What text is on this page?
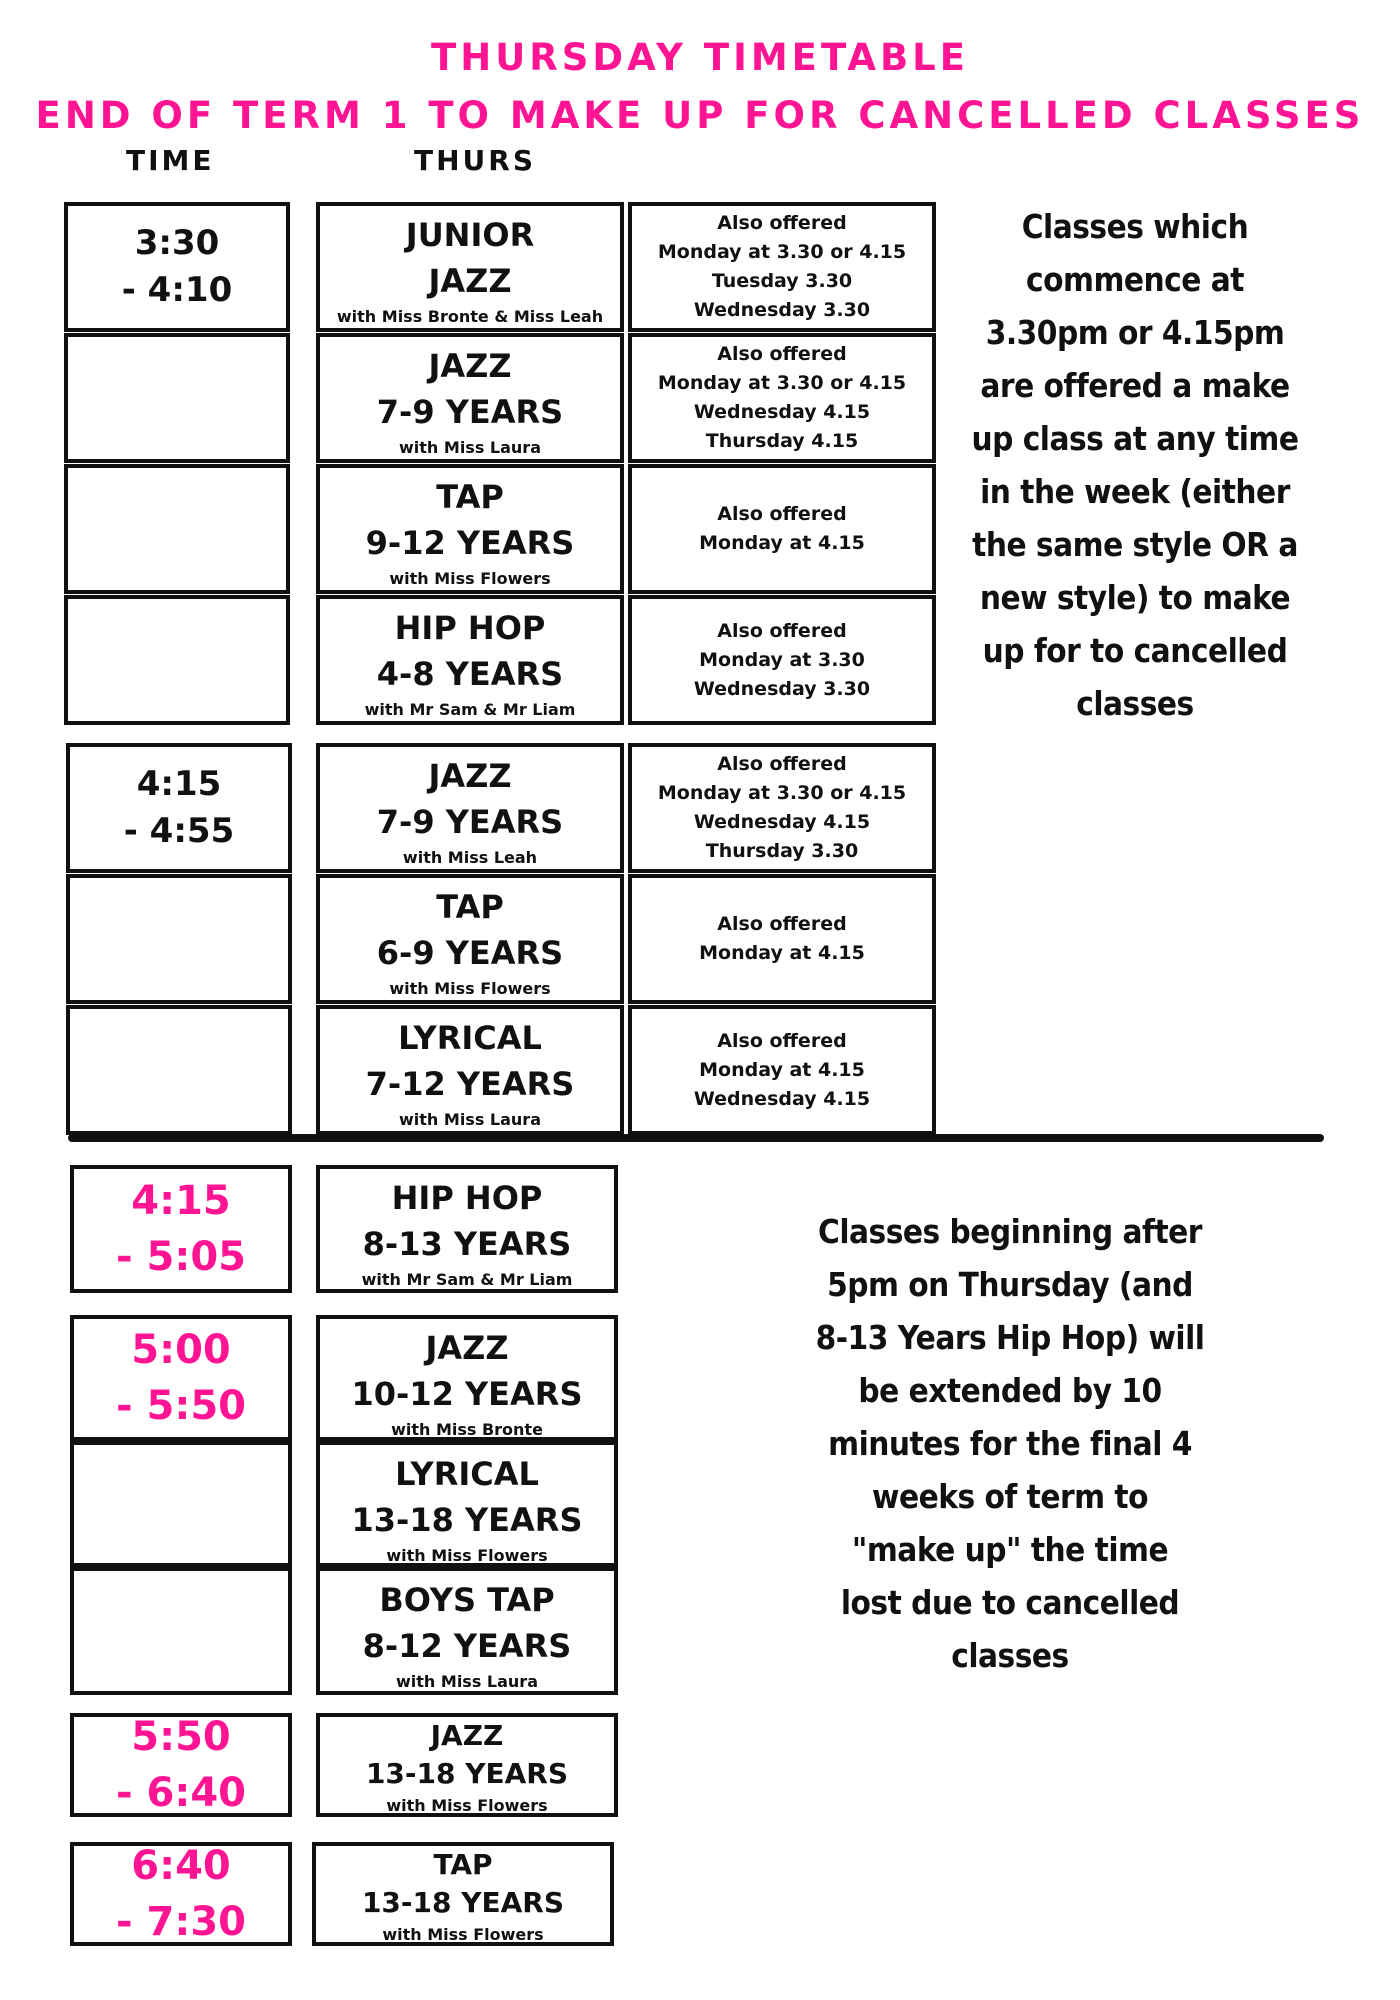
THURSDAY TIMETABLE
END OF TERM 1 TO MAKE UP FOR CANCELLED CLASSES
TIME	THURS
3:30
- 4:10
JUNIOR
JAZZ
with Miss Bronte & Miss Leah
JAZZ
7-9 YEARS
with Miss Laura
TAP
9-12 YEARS
with Miss Flowers
HIP HOP
4-8 YEARS
with Mr Sam & Mr Liam
Also offered
Monday at 3.30 or 4.15
Tuesday 3.30
Wednesday 3.30
Also offered
Monday at 3.30 or 4.15
Wednesday 4.15
Thursday 4.15
Also offered
Monday at 4.15
Also offered
Monday at 3.30
Wednesday 3.30
Classes which
commence at
3.30pm or 4.15pm
are offered a make
up class at any time
in the week (either
the same style OR a
new style) to make
up for to cancelled
classes
4:15
- 4:55
JAZZ
7-9 YEARS
with Miss Leah
TAP
6-9 YEARS
with Miss Flowers
LYRICAL
7-12 YEARS
with Miss Laura
Also offered
Monday at 3.30 or 4.15
Wednesday 4.15
Thursday 3.30
Also offered
Monday at 4.15
Also offered
Monday at 4.15
Wednesday 4.15
4:15
- 5:05
HIP HOP
8-13 YEARS
with Mr Sam & Mr Liam
5:00
- 5:50
JAZZ
10-12 YEARS
with Miss Bronte
LYRICAL
13-18 YEARS
with Miss Flowers
BOYS TAP
8-12 YEARS
with Miss Laura
5:50
- 6:40
JAZZ
13-18 YEARS
with Miss Flowers
6:40
- 7:30
TAP
13-18 YEARS
with Miss Flowers
Classes beginning after
5pm on Thursday (and
8-13 Years Hip Hop) will
be extended by 10
minutes for the final 4
weeks of term to
"make up" the time
lost due to cancelled
classes
